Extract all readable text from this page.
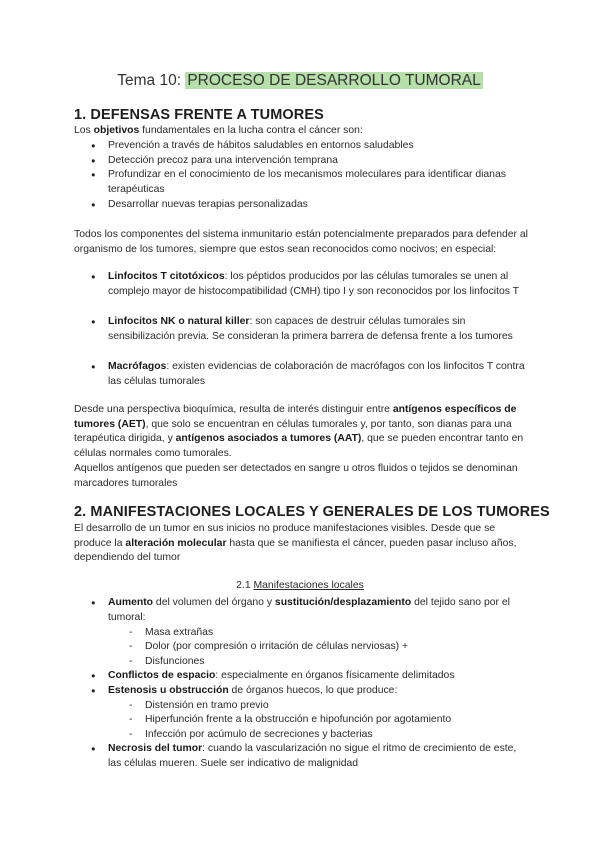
Tema 10: PROCESO DE DESARROLLO TUMORAL
1. DEFENSAS FRENTE A TUMORES
Los objetivos fundamentales en la lucha contra el cáncer son:
● Prevención a través de hábitos saludables en entornos saludables
● Detección precoz para una intervención temprana
● Profundizar en el conocimiento de los mecanismos moleculares para identificar dianas terapéuticas
● Desarrollar nuevas terapias personalizadas
Todos los componentes del sistema inmunitario están potencialmente preparados para defender al organismo de los tumores, siempre que estos sean reconocidos como nocivos; en especial:
● Linfocitos T citotóxicos: los péptidos producidos por las células tumorales se unen al complejo mayor de histocompatibilidad (CMH) tipo I y son reconocidos por los linfocitos T
● Linfocitos NK o natural killer: son capaces de destruir células tumorales sin sensibilización previa. Se consideran la primera barrera de defensa frente a los tumores
● Macrófagos: existen evidencias de colaboración de macrófagos con los linfocitos T contra las células tumorales
Desde una perspectiva bioquímica, resulta de interés distinguir entre antígenos específicos de tumores (AET), que solo se encuentran en células tumorales y, por tanto, son dianas para una terapéutica dirigida, y antígenos asociados a tumores (AAT), que se pueden encontrar tanto en células normales como tumorales.
Aquellos antígenos que pueden ser detectados en sangre u otros fluidos o tejidos se denominan marcadores tumorales
2. MANIFESTACIONES LOCALES Y GENERALES DE LOS TUMORES
El desarrollo de un tumor en sus inicios no produce manifestaciones visibles. Desde que se produce la alteración molecular hasta que se manifiesta el cáncer, pueden pasar incluso años, dependiendo del tumor
2.1 Manifestaciones locales
● Aumento del volumen del órgano y sustitución/desplazamiento del tejido sano por el tumoral:
- Masa extrañas
- Dolor (por compresión o irritación de células nerviosas) +
- Disfunciones
● Conflictos de espacio: especialmente en órganos físicamente delimitados
● Estenosis u obstrucción de órganos huecos, lo que produce:
- Distensión en tramo previo
- Hiperfunción frente a la obstrucción e hipofunción por agotamiento
- Infección por acúmulo de secreciones y bacterias
● Necrosis del tumor: cuando la vascularización no sigue el ritmo de crecimiento de este, las células mueren. Suele ser indicativo de malignidad
